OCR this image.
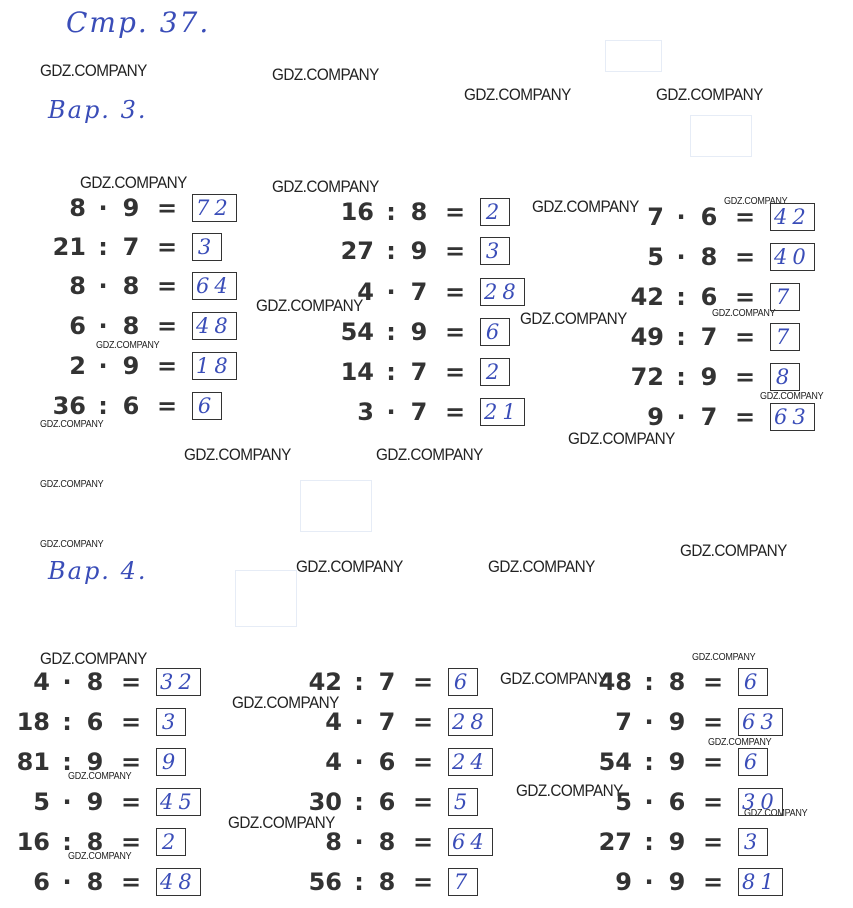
Стр. 37.
Вар. 3.
Вар. 4.
GDZ.COMPANY	GDZ.COMPANY
GDZ.COMPANY	GDZ.COMPANY
GDZ.COMPANY	GDZ.COMPANY
GDZ.COMPANY	GDZ.COMPANY
GDZ.COMPANY
GDZ.COMPANY	GDZ.COMPANY
GDZ.COMPANY
GDZ.COMPANY
GDZ.COMPANY
GDZ.COMPANY
GDZ.COMPANY	GDZ.COMPANY
GDZ.COMPANY
GDZ.COMPANY	GDZ.COMPANY
GDZ.COMPANY	GDZ.COMPANY
GDZ.COMPANY	GDZ.COMPANY
GDZ.COMPANY
GDZ.COMPANY
GDZ.COMPANY
GDZ.COMPANY
GDZ.COMPANY
GDZ.COMPANY
GDZ.COMPANY
GDZ.COMPANY
8 · 9 = 72
21 : 7 = 3
8 · 8 = 64
6 · 8 = 48
2 · 9 = 18
36 : 6 = 6
16 : 8 = 2
27 : 9 = 3
4 · 7 = 28
54 : 9 = 6
14 : 7 = 2
3 · 7 = 21
7 · 6 = 42
5 · 8 = 40
42 : 6 = 7
49 : 7 = 7
72 : 9 = 8
9 · 7 = 63
4 · 8 = 32
18 : 6 = 3
81 : 9 = 9
5 · 9 = 45
16 : 8 = 2
6 · 8 = 48
42 : 7 = 6
4 · 7 = 28
4 · 6 = 24
30 : 6 = 5
8 · 8 = 64
56 : 8 = 7
48 : 8 = 6
7 · 9 = 63
54 : 9 = 6
5 · 6 = 30
27 : 9 = 3
9 · 9 = 81
